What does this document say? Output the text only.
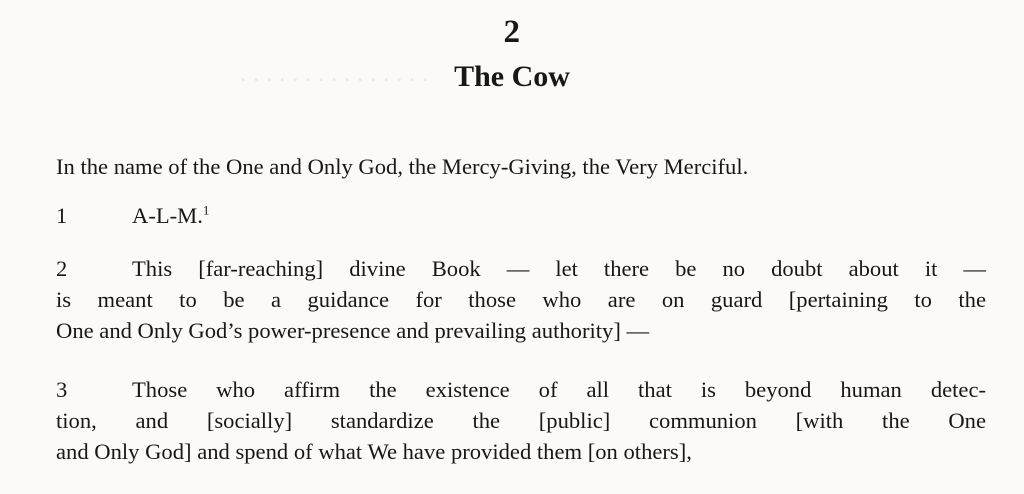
. . . . . . . . . . . . . . .
2
The Cow
In the name of the One and Only God, the Mercy-Giving, the Very Merciful.

1	A-L-M.$^1$

2	This [far-reaching] divine Book — let there be no doubt about it —
is meant to be a guidance for those who are on guard [pertaining to the
One and Only God’s power-presence and prevailing authority] —
3	Those who affirm the existence of all that is beyond human detec-
tion, and [socially] standardize the [public] communion [with the One
and Only God] and spend of what We have provided them [on others],
